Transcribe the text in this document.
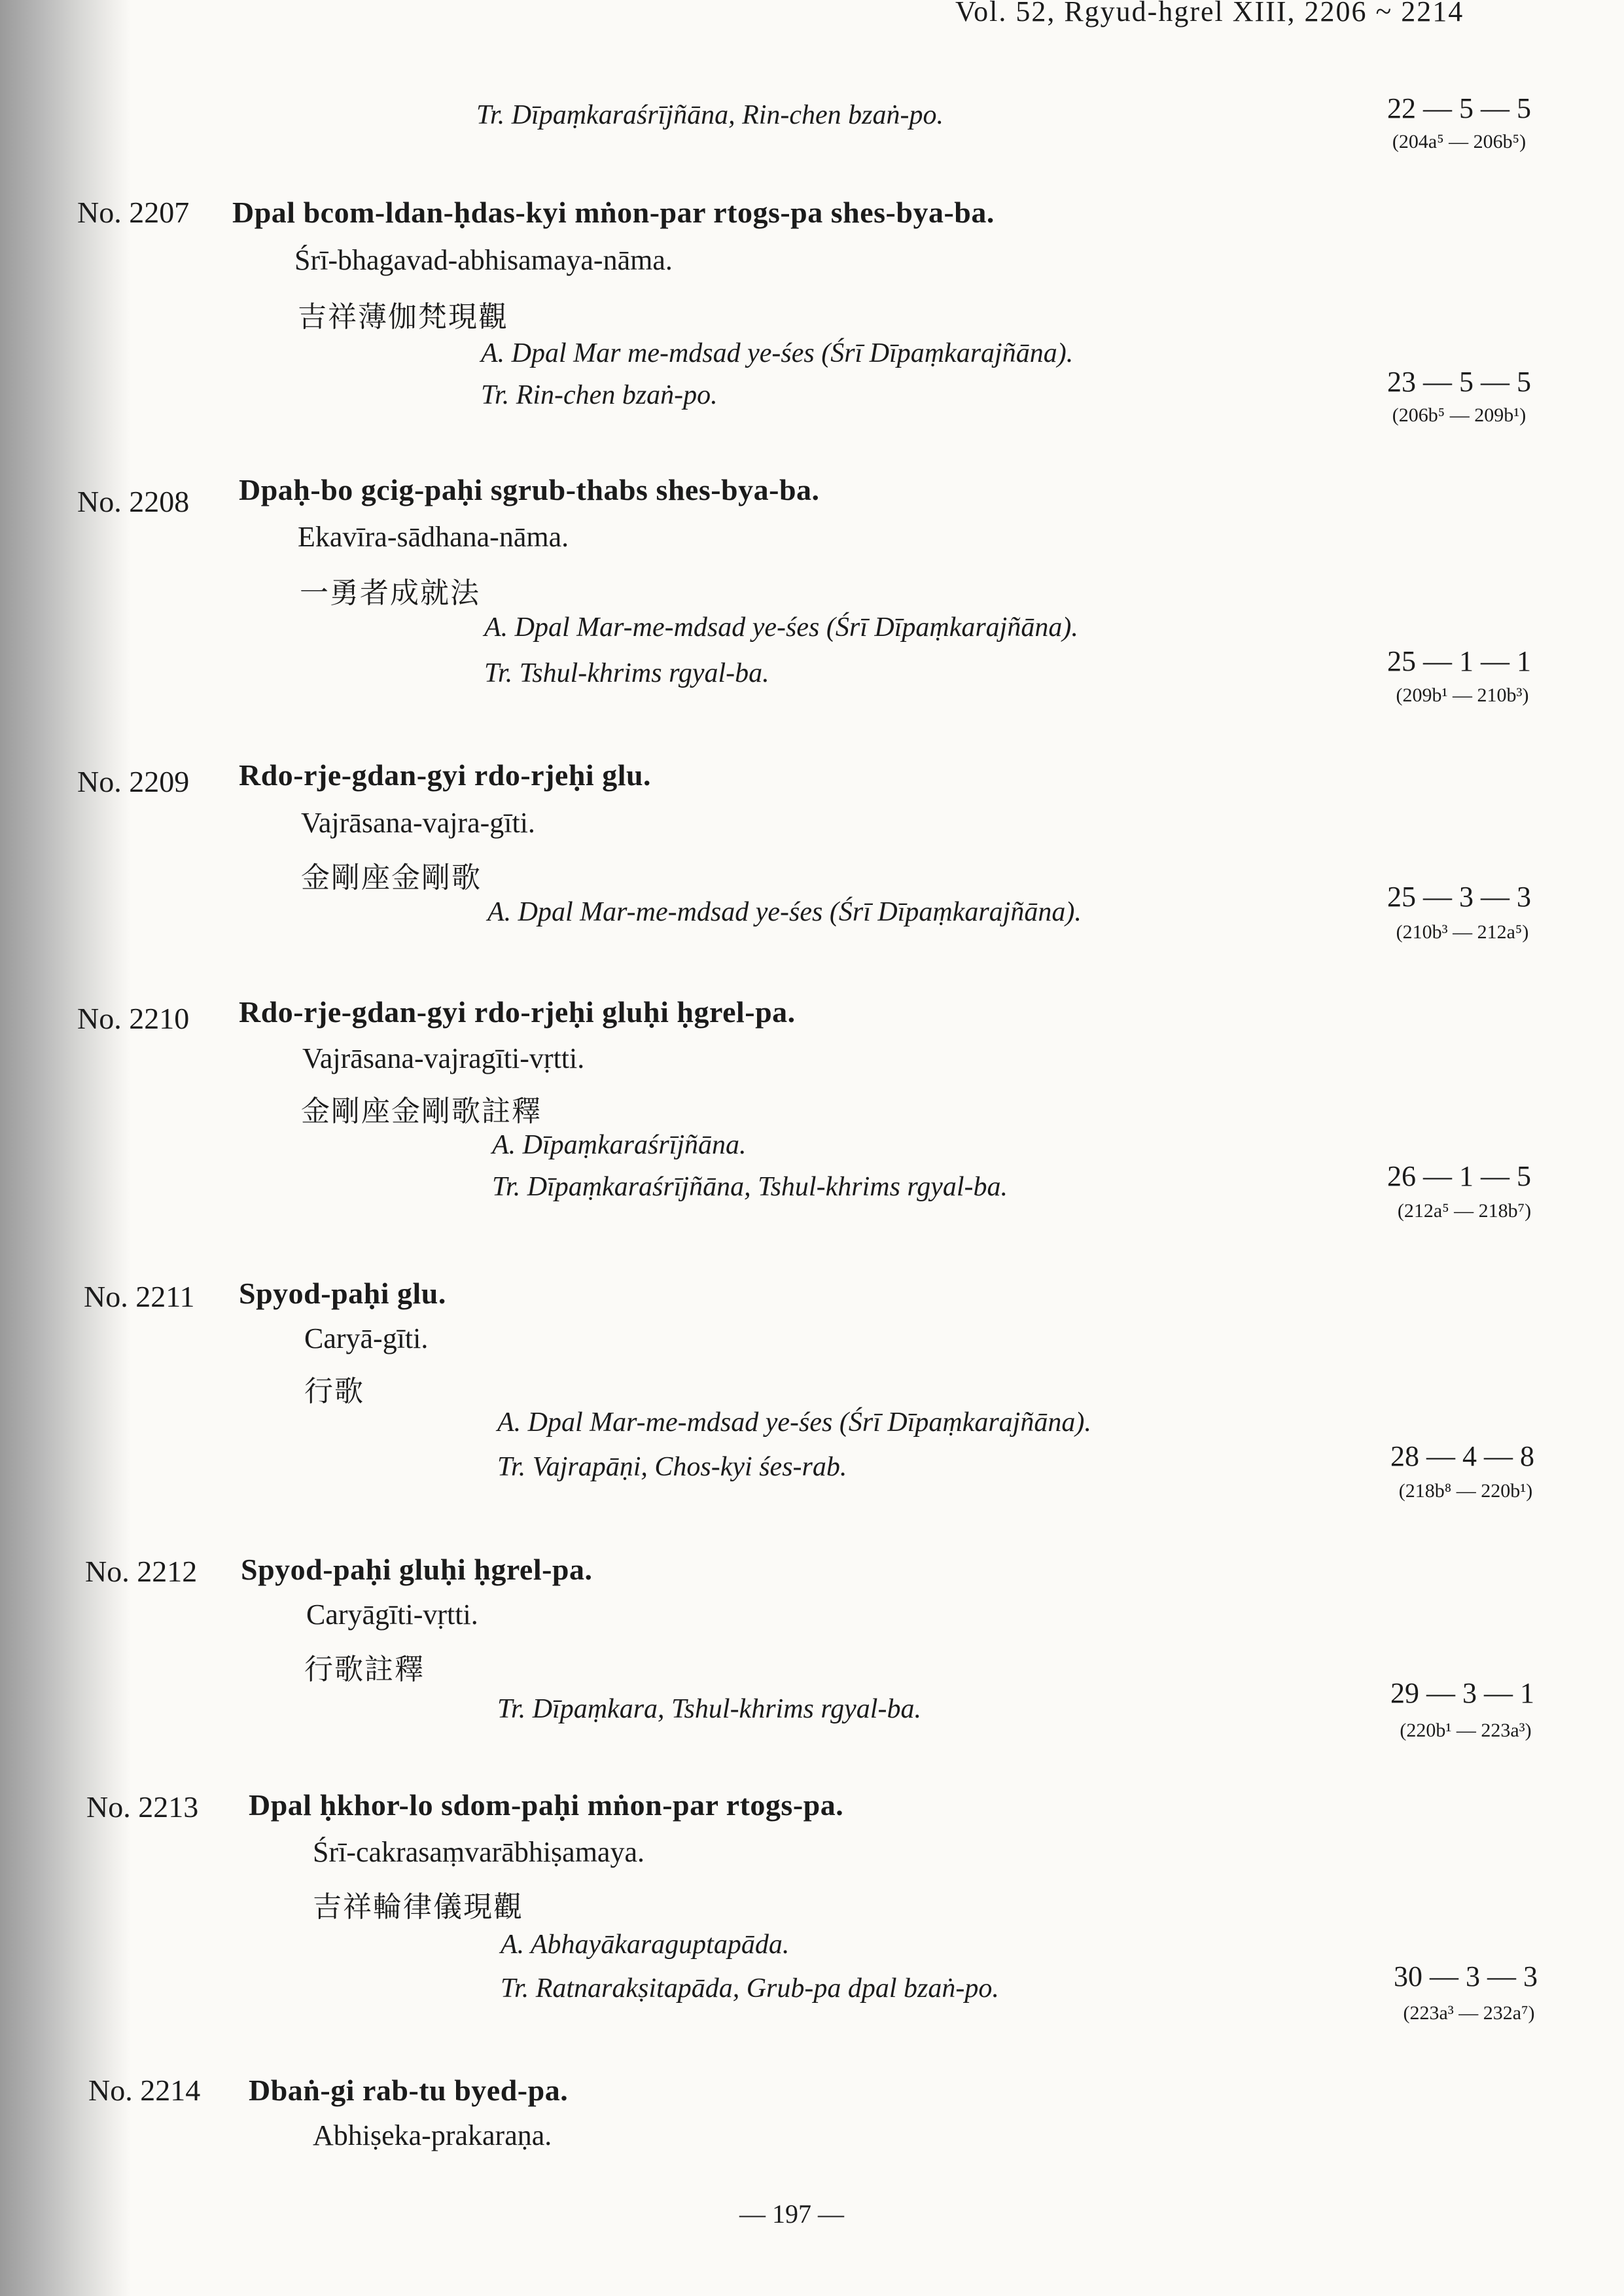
Vol. 52, Rgyud-hgrel XIII, 2206 ~ 2214
Tr. Dīpaṃkaraśrījñāna, Rin-chen bzaṅ-po.	22 — 5 — 5
(204a⁵ — 206b⁵)
No. 2207 Dpal bcom-ldan-ḥdas-kyi mṅon-par rtogs-pa shes-bya-ba.
Śrī-bhagavad-abhisamaya-nāma.
吉祥薄伽梵現觀
A. Dpal Mar me-mdsad ye-śes (Śrī Dīpaṃkarajñāna).
Tr. Rin-chen bzaṅ-po.	23 — 5 — 5
(206b⁵ — 209b¹)
No. 2208 Dpaḥ-bo gcig-paḥi sgrub-thabs shes-bya-ba.
Ekavīra-sādhana-nāma.
一勇者成就法
A. Dpal Mar-me-mdsad ye-śes (Śrī Dīpaṃkarajñāna).
Tr. Tshul-khrims rgyal-ba.	25 — 1 — 1
(209b¹ — 210b³)
No. 2209 Rdo-rje-gdan-gyi rdo-rjeḥi glu.
Vajrāsana-vajra-gīti.
金剛座金剛歌
A. Dpal Mar-me-mdsad ye-śes (Śrī Dīpaṃkarajñāna).	25 — 3 — 3
(210b³ — 212a⁵)
No. 2210 Rdo-rje-gdan-gyi rdo-rjeḥi gluḥi ḥgrel-pa.
Vajrāsana-vajragīti-vṛtti.
金剛座金剛歌註釋
A. Dīpaṃkaraśrījñāna.
Tr. Dīpaṃkaraśrījñāna, Tshul-khrims rgyal-ba.	26 — 1 — 5
(212a⁵ — 218b⁷)
No. 2211 Spyod-paḥi glu.
Caryā-gīti.
行歌
A. Dpal Mar-me-mdsad ye-śes (Śrī Dīpaṃkarajñāna).
Tr. Vajrapāṇi, Chos-kyi śes-rab.	28 — 4 — 8
(218b⁸ — 220b¹)
No. 2212 Spyod-paḥi gluḥi ḥgrel-pa.
Caryāgīti-vṛtti.
行歌註釋
Tr. Dīpaṃkara, Tshul-khrims rgyal-ba.	29 — 3 — 1
(220b¹ — 223a³)
No. 2213 Dpal ḥkhor-lo sdom-paḥi mṅon-par rtogs-pa.
Śrī-cakrasaṃvarābhiṣamaya.
吉祥輪律儀現觀
A. Abhayākaraguptapāda.
Tr. Ratnarakṣitapāda, Grub-pa dpal bzaṅ-po.	30 — 3 — 3
(223a³ — 232a⁷)
No. 2214 Dbaṅ-gi rab-tu byed-pa.
Abhiṣeka-prakaraṇa.
— 197 —
